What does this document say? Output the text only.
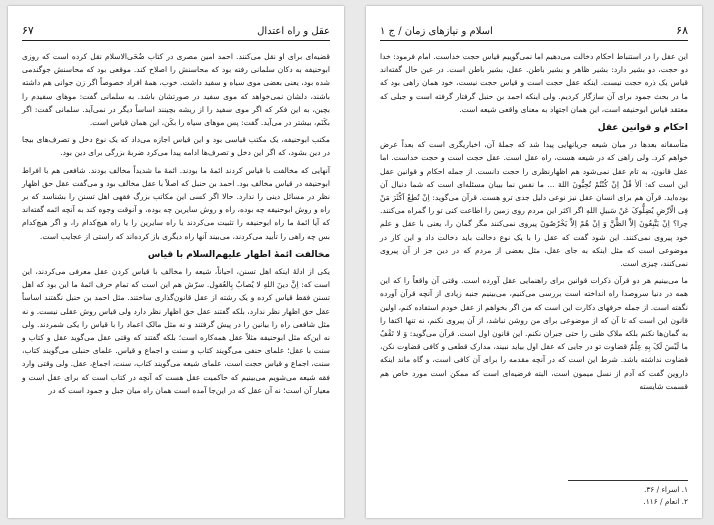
۶۷	عقل و راه اعتدال

قضیه‌ای برای او نقل می‌کنند. احمد امین مصری در کتاب ضُحَی‌الاسلام نقل کرده است که روزی ابوحنیفه به دکان سلمانی رفته بود که محاسنش را اصلاح کند. موقعی بود که محاسنش جوگندمی شده بود، یعنی بعضی موی سیاه و سفید داشت. خوب، همهٔ افراد خصوصاً اگر زن جوانی هم داشته باشند، دلشان نمی‌خواهد که موی سفید در صورتشان باشد. به سلمانی گفت: موهای سفیدم را بچین، به این فکر که اگر موی سفید را از ریشه بچینند اساساً دیگر در نمی‌آید. سلمانی گفت: اگر بکَنَم، بیشتر در می‌آید. گفت: پس موهای سیاه را بکَن، این همان قیاس است.

مکتب ابوحنیفه، یک مکتب قیاسی بود و این قیاس اجازه می‌داد که یک نوع دخل و تصرف‌های بیجا در دین بشود، که اگر این دخل و تصرف‌ها ادامه پیدا می‌کرد ضربهٔ بزرگی برای دین بود.

آنهایی که مخالفت با قیاس کردند ائمهٔ ما بودند. ائمهٔ ما شدیداً مخالف بودند. شافعی هم با افراط ابوحنیفه در قیاس مخالف بود. احمد بن حنبل که اصلاً با عقل مخالف بود و می‌گفت عقل حق اظهار نظر در مسائل دینی را ندارد. حالا اگر کسی این مکاتب بزرگ فقهی اهل تسنن را بشناسد که بر راه و روش ابوحنیفه چه بوده، راه و روش سایرین چه بوده، و آنوقت وجوه کند به آنچه ائمه گفته‌اند که آیا ائمهٔ ما راه ابوحنیفه را تثبیت می‌کردند یا راه سایرین را یا راه هیچ‌کدام را، و اگر هیچ‌کدام بس چه راهی را تأیید می‌کردند، می‌بیند آنها راه دیگری باز کرده‌اند که راستی از عجایب است.

مخالفت ائمهٔ اطهار علیهم‌السلام با قیاس

یکی از ادلهٔ اینکه اهل تسنن، احیاناً، شیعه را مخالف با قیاس کردن عقل معرفی می‌کردند، این است که: اِنَّ دینَ اللهِ لا یُصابُ بِالعُقول. سرّش هم این است که تمام حرف ائمهٔ ما این بود که اهل تسنن فقط قیاس کرده و یک رشته از عقل قانون‌گذاری ساختند. مثل احمد بن حنبل نگفتند اساساً عقل حق اظهار نظر ندارد، بلکه گفتند عقل حق اظهار نظر دارد ولی قیاس روش عقلی نیست. و نه مثل شافعی راه را بیانین را در پیش گرفتند و نه مثل مالک اعماد را با قیاس را یکی شمردند. ولی نه این‌که مثل ابوحنیفه مثلاً عقل همه‌کاره است؛ بلکه گفتند که وقتی عقل می‌گوید عقل و کتاب و سنت با عقل؛ علمای حنفی می‌گویند کتاب و سنت و اجماع و قیاس. علمای حنبلی می‌گویند کتاب، سنت، اجماع و قیاس حجت است، علمای شیعه می‌گویند کتاب، سنت، اجماع، عقل. ولی وقتی وارد فقه شیعه می‌شویم می‌بینیم که حاکمیت عقل هست که آنچه در کتاب است که برای عقل است و معیار آن است؛ نه آن عقل که در این‌جا آمده است همان راه میان جبل و جمود است که در

اسلام و نیازهای زمان / ج ۱	۶۸

این عقل را در استنباط احکام دخالت می‌دهیم اما نمی‌گوییم قیاس حجت خداست. امام فرمود: خدا دو حجت، دو بشیر دارد: بشیر ظاهر و بشیر باطن. عقل، بشیر باطن است. در عین حال گفته‌اند قیاس یک ذره حجت نیست. اینکه عقل حجت است و قیاس حجت نیست، خود همان راهی بود که ما در بحث جمود برای آن سازگار کردیم. ولی اینکه احمد بن حنبل گرفتار گرفته است و جبلی که معتقد قیاس ابوحنیفه است، این همان اجتهاد به معنای واقعی شیعه است.

احکام و قوانین عقل

متأسفانه بعدها در میان شیعه جریانهایی پیدا شد که جملهٔ آن، اخباریگری است که بعداً عرض خواهم کرد. ولی راهی که در شیعه هست، راه عقل است. عقل حجت است و حجت خداست. اما عقل قانون، به تام عقل نمی‌شود هم اظهارنظری را حجت دانست. از جمله احکام و قوانین عقل این است که: اَلاٰ قُلْ اِنْ کُنْتُمْ تُحِبُّونَ اللهَ ... ما نفس نما بیبان مسئله‌ای است که شما دنبال آن بوده‌اید. قرآن هم برای انسان عقل نیز نوعی دلیل جدی ترو هست. قرآن می‌گوید: اِنْ تُطِعْ اَکْثَرَ مَنْ فِی الْاَرْضِ یُضِلُّوکَ عَنْ سَبیلِ اللهِ اگر اکثر این مردم روی زمین را اطاعت کنی تو را گمراه می‌کنند. چرا؟ اِنْ یَتَّبِعُونَ اِلاَّ الظَّنَّ وَ اِنْ هُمْ اِلاَّ یَخْرُصُونَ پیروی نمی‌کنند مگر گمان را، یعنی با عقل و علم خود پیروی نمی‌کنند. این شود گفت که عقل را با یک نوع دخالت باید دخالت داد و این کار در موضوعی است که مثل اینکه به جای عقل، مثل بعضی از مردم که در دین جز از آن پیروی نمی‌کنند، چیزی است.

ما می‌بینیم هر دو قرآن ذکرات قوانین برای راهنمایی عقل آورده است. وقتی آن واقعاً را که این همه در دنیا سروصدا راه انداخته است بررسی می‌کنیم، می‌بینیم جنبه زیادی از آنچه قرآن آورده نگفته است. از جمله حرفهای دکارت این است که من اگر بخواهم از عقل خودم استفاده کنم، اولین قانون این است که تا آن که از موضوعی برای من روشن نباشد، از آن پیروی نکنم، نه تنها اکتفا را به گمان‌ها نکنم بلکه ملاک ظنی را حتی جبران نکنم. این قانون اول است. قرآن می‌گوید: وَ لا تَقْفُ ما لَیْسَ لَکَ بِهِ عِلْمٌ قضاوت تو در جایی که عقل اول بیاید نبیند، مدارک قطعی و کافی قضاوت نکن، قضاوت نداشته باشد. شرط این است که در آنچه مقدمه را برای آن کافی است، و گاه ماند اینکه داروین گفت که آدم از نسل میمون است، البته فرضیه‌ای است که ممکن است مورد خاص هم قسمت شایسته

۱. اسراء / ۳۶.
۲. انعام / ۱۱۶.
